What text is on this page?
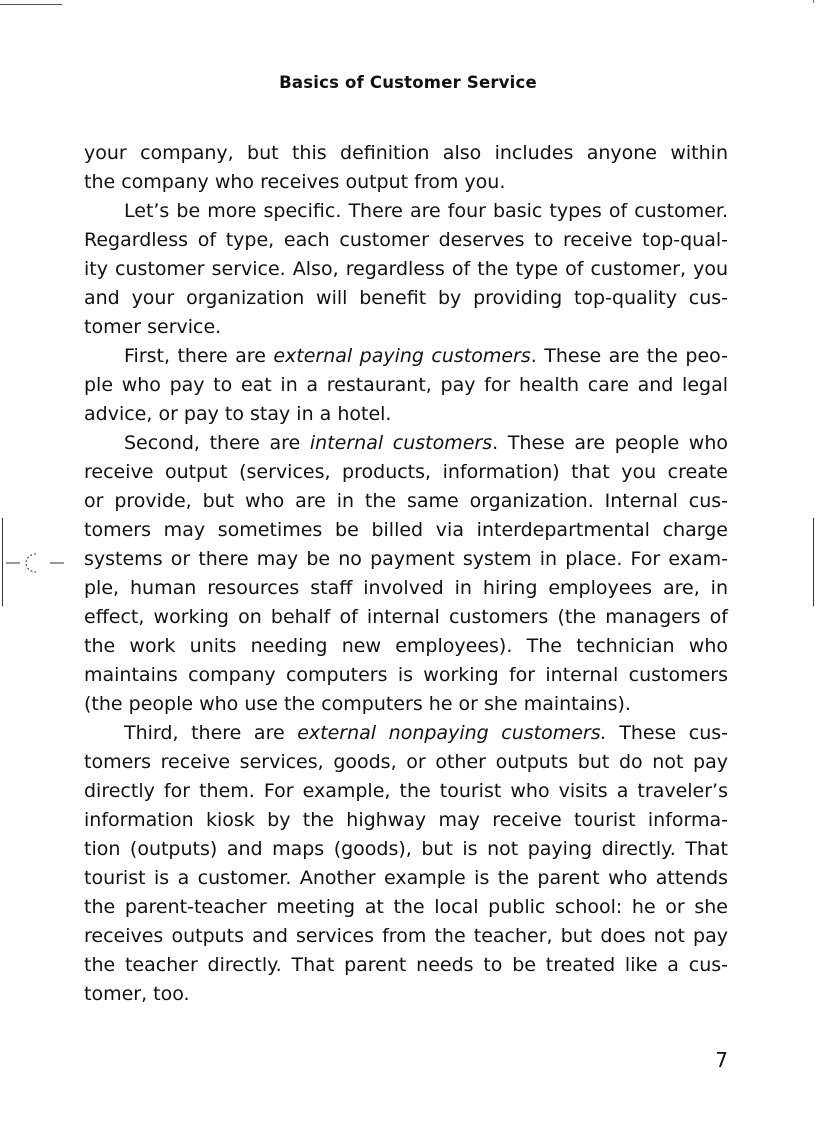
Basics of Customer Service

your company, but this definition also includes anyone within
the company who receives output from you.

Let’s be more specific. There are four basic types of customer.
Regardless of type, each customer deserves to receive top-qual-
ity customer service. Also, regardless of the type of customer, you
and your organization will benefit by providing top-quality cus-
tomer service.

First, there are external paying customers. These are the peo-
ple who pay to eat in a restaurant, pay for health care and legal
advice, or pay to stay in a hotel.

Second, there are internal customers. These are people who
receive output (services, products, information) that you create
or provide, but who are in the same organization. Internal cus-
tomers may sometimes be billed via interdepartmental charge
systems or there may be no payment system in place. For exam-
ple, human resources staff involved in hiring employees are, in
effect, working on behalf of internal customers (the managers of
the work units needing new employees). The technician who
maintains company computers is working for internal customers
(the people who use the computers he or she maintains).

Third, there are external nonpaying customers. These cus-
tomers receive services, goods, or other outputs but do not pay
directly for them. For example, the tourist who visits a traveler’s
information kiosk by the highway may receive tourist informa-
tion (outputs) and maps (goods), but is not paying directly. That
tourist is a customer. Another example is the parent who attends
the parent-teacher meeting at the local public school: he or she
receives outputs and services from the teacher, but does not pay
the teacher directly. That parent needs to be treated like a cus-
tomer, too.

7
